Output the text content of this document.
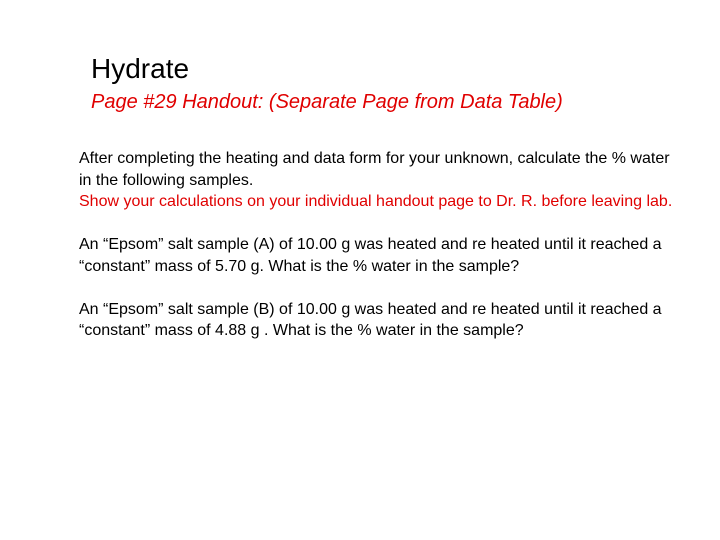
Hydrate
Page #29 Handout: (Separate Page from Data Table)

After completing the heating and data form for your unknown, calculate the % water in the following samples.

Show your calculations on your individual handout page to Dr. R. before leaving lab.

An “Epsom” salt sample (A) of 10.00 g was heated and re heated until it reached a “constant” mass of 5.70 g. What is the % water in the sample?

An “Epsom” salt sample (B) of 10.00 g was heated and re heated until it reached a “constant” mass of 4.88 g . What is the % water in the sample?
